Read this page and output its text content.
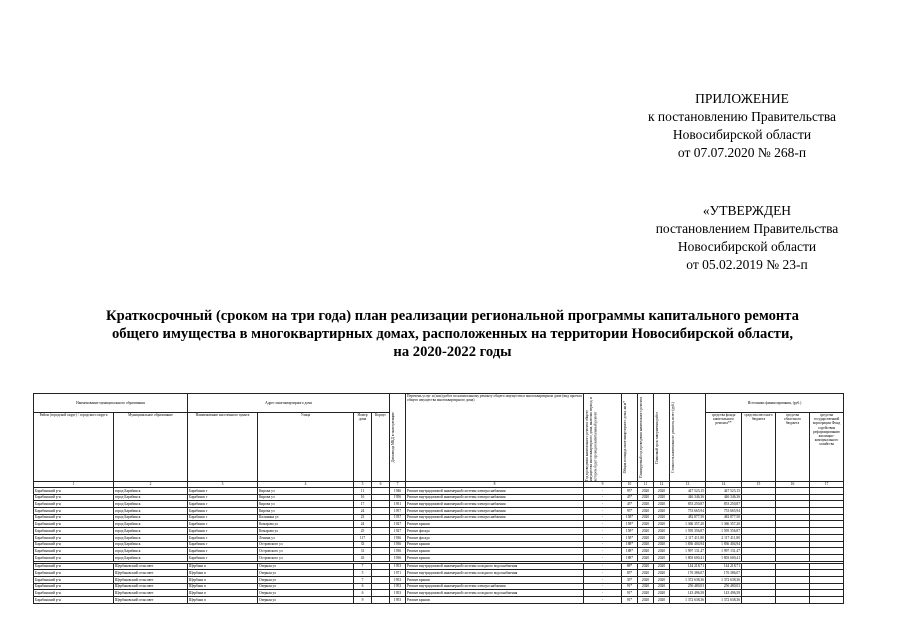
ПРИЛОЖЕНИЕ
к постановлению Правительства
Новосибирской области
от 07.07.2020 № 268-п
«УТВЕРЖДЕН
постановлением Правительства
Новосибирской области
от 05.02.2019 № 23-п
Краткосрочный (сроком на три года) план реализации региональной программы капитального ремонта
общего имущества в многоквартирных домах, расположенных на территории Новосибирской области,
на 2020-2022 годы
Наименование муниципального образования		Адрес многоквартирного дома				Дата ввода МКД в эксплуатацию	Перечень услуг и (или) работ по капитальному ремонту общего имущества в многоквартирном доме (вид проекта общего имущества многоквартирного дома)	Год проведения капитального ремонта общего имущества многоквартирного дома, включая период, в котором будет проведен капитальный ремонт	Общая площадь многоквартирного дома, кв.м*	Планируемый год проведения капитального ремонта	Плановый срок завершения работ	Стоимость капитального ремонта, всего (руб.)	Источники финансирования, (руб.)			
Район (городской округ) / городского округа	Муниципальное образование	Наименование населенного пункта	Улица	Номер дома	Корпус								средства фонда капитального ремонта**	средства местного бюджета	средства областного бюджета	средства государственной корпорации Фонд содействия реформированию жилищно-коммунального хозяйства
1	2	3	4	5	6	7	8	9	10	11	12	13	14	15	16	17
Барабинский р-н	город Барабинск	Барабинск г	Кирова ул	11		1946	Ремонт внутридомовой инженерной системы электроснабжения	-	95*	2020	2020	447 523,15	447 523,15			
Барабинский р-н	город Барабинск	Барабинск г	Кирова ул	16		1956	Ремонт внутридомовой инженерной системы электроснабжения	-	45*	2020	2020	446 346,36	446 346,36			
Барабинский р-н	город Барабинск	Барабинск г	Кирова ул	17		1951	Ремонт внутридомовой инженерной системы электроснабжения	-	45*	2020	2020	853 250,87	853 250,87			
Барабинский р-н	город Барабинск	Барабинск г	Кирова ул	24		1957	Ремонт внутридомовой инженерной системы электроснабжения	-	95*	2020	2020	753 665,94	753 665,94			
Барабинский р-н	город Барабинск	Барабинск г	Калинина ул	23		1937	Ремонт внутридомовой инженерной системы электроснабжения	-	158*	2020	2020	482 877,50	482 877,50			
Барабинский р-н	город Барабинск	Барабинск г	Комарова ул	24		1927	Ремонт крыши	-	158*	2020	2020	1 366 357,20	1 366 357,20			
Барабинский р-н	город Барабинск	Барабинск г	Комарова ул	25		1927	Ремонт фасада	-	158*	2020	2020	1 595 356,87	1 595 356,87			
Барабинский р-н	город Барабинск	Барабинск г	Ленина ул	117		1936	Ремонт фасада	-	158*	2020	2020	2 117 411,80	2 117 411,80			
Барабинский р-н	город Барабинск	Барабинск г	Островского ул	33		1936	Ремонт крыши	-	188*	2020	2020	1 836 404,94	1 836 404,94			
Барабинский р-н	город Барабинск	Барабинск г	Островского ул	31		1936	Ремонт крыши	-	188*	2020	2020	1 997 131,47	1 997 131,47			
Барабинский р-н	город Барабинск	Барабинск г	Островского ул	43		1936	Ремонт крыши	-	188*	2020	2020	1 803 600,41	1 803 600,41			

Барабинский р-н	Щербаковский сельсовет	Щербаки п	Озерная ул	7		1953	Ремонт внутридомовой инженерной системы холодного водоснабжения	-	88*	2020	2020	144 218,71	144 218,71			
Барабинский р-н	Щербаковский сельсовет	Щербаки п	Озерная ул	5		1971	Ремонт внутридомовой инженерной системы холодного водоснабжения	-	85*	2020	2020	176 386,07	176 386,07			
Барабинский р-н	Щербаковский сельсовет	Щербаки п	Озерная ул	7		1953	Ремонт крыши	-	35*	2020	2020	1 372 638,36	1 372 638,36			
Барабинский р-н	Щербаковский сельсовет	Щербаки п	Озерная ул	6		1953	Ремонт внутридомовой инженерной системы электроснабжения	-	91*	2020	2020	256 480,03	256 480,03			
Барабинский р-н	Щербаковский сельсовет	Щербаки п	Озерная ул	6		1953	Ремонт внутридомовой инженерной системы холодного водоснабжения	-	91*	2020	2020	143 496,58	143 496,58			
Барабинский р-н	Щербаковский сельсовет	Щербаки п	Озерная ул	9		1953	Ремонт крыши	-	91*	2020	2020	1 372 638,36	1 372 638,36			
